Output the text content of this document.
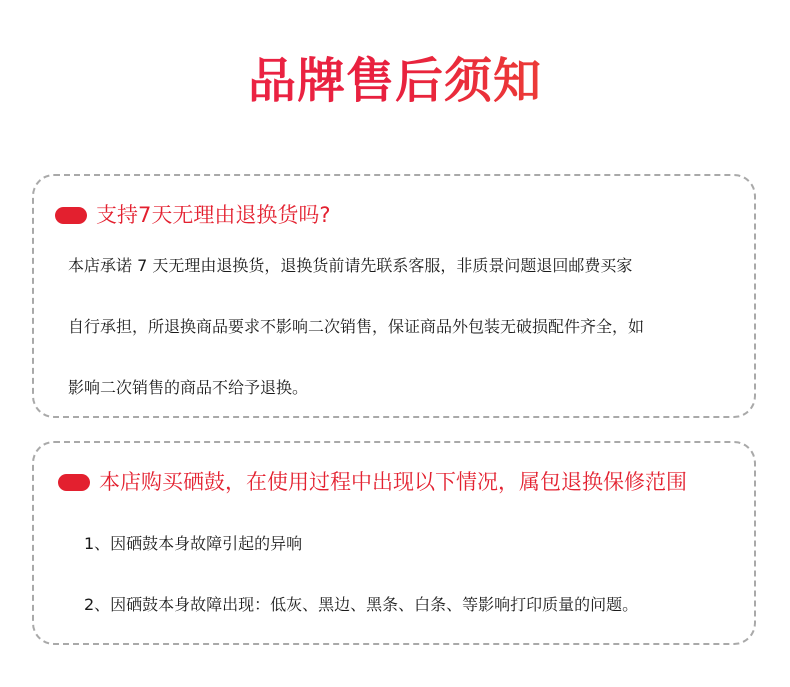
品牌售后须知
支持7天无理由退换货吗?
本店承诺 7 天无理由退换货，退换货前请先联系客服，非质景问题退回邮费买家
自行承担，所退换商品要求不影响二次销售，保证商品外包装无破损配件齐全，如
影响二次销售的商品不给予退换。
本店购买硒鼓，在使用过程中出现以下情况，属包退换保修范围
1、因硒鼓本身故障引起的异响
2、因硒鼓本身故障出现：低灰、黑边、黑条、白条、等影响打印质量的问题。
